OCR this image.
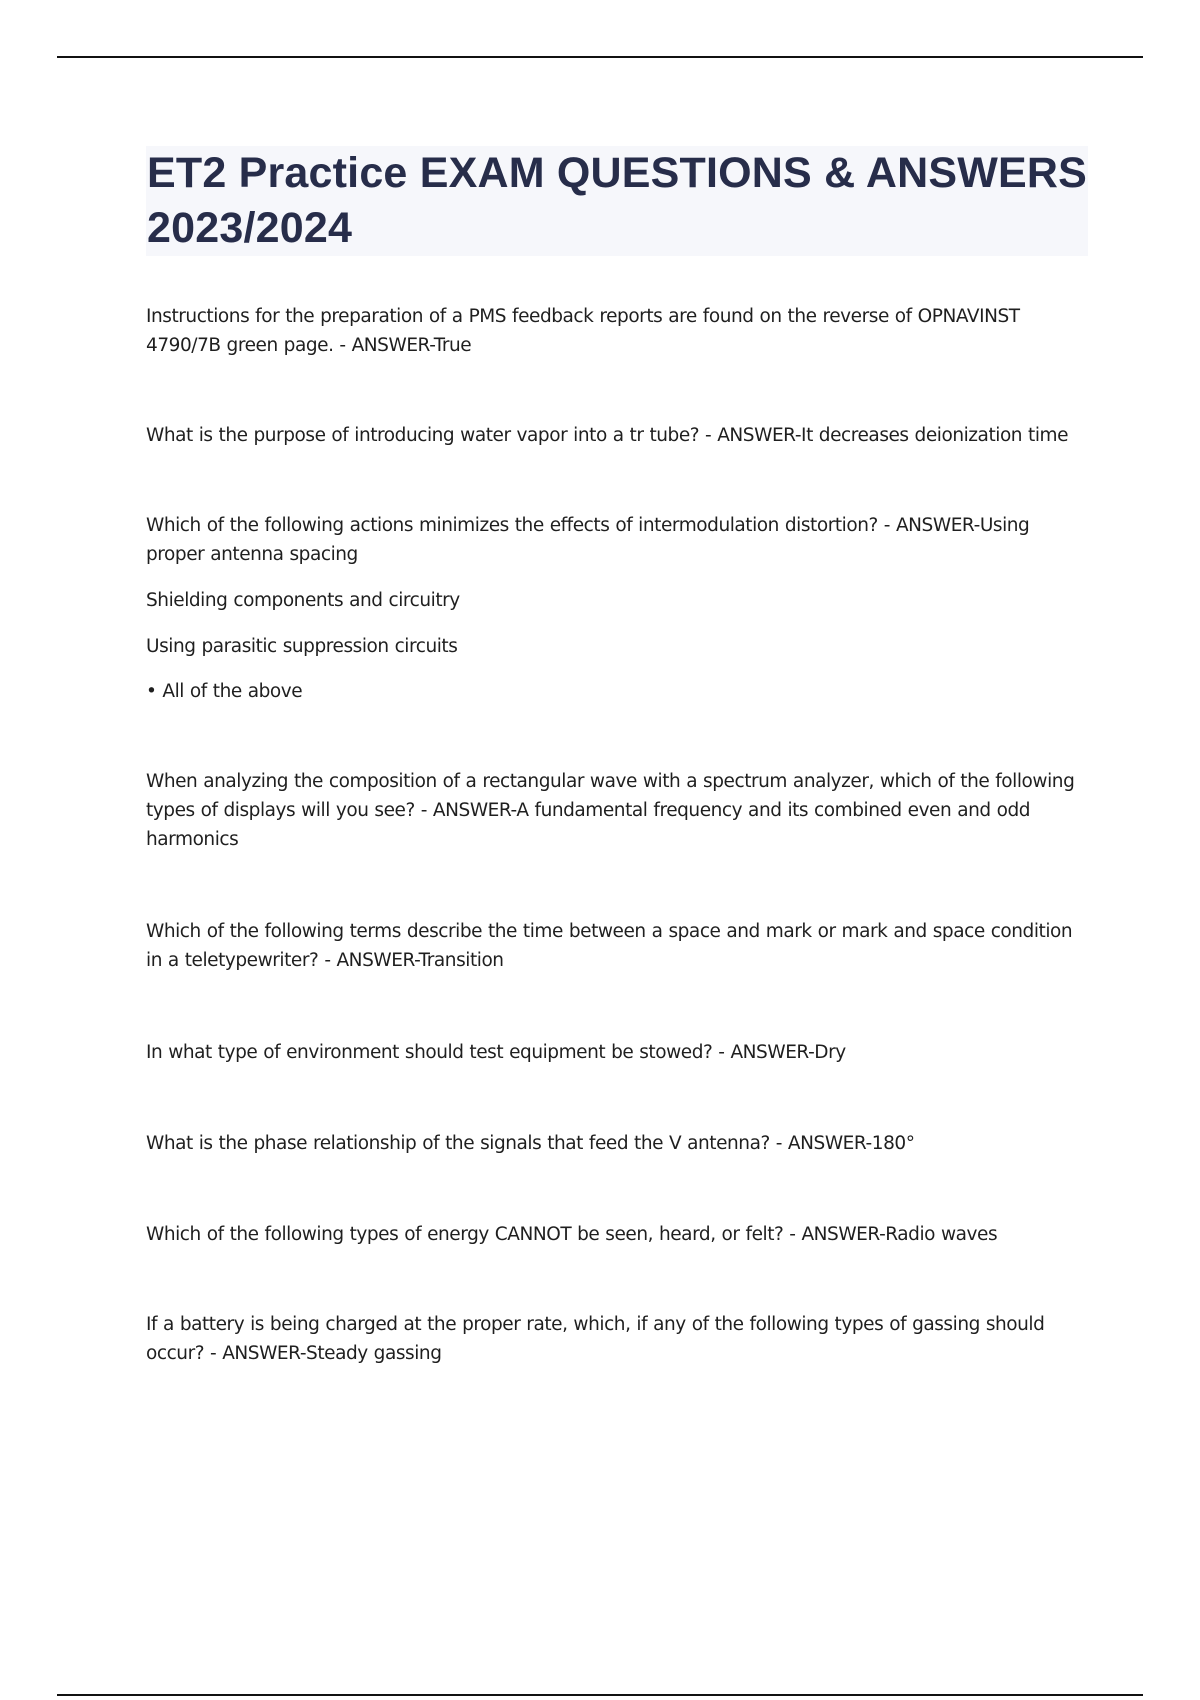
ET2 Practice EXAM QUESTIONS & ANSWERS 2023/2024

Instructions for the preparation of a PMS feedback reports are found on the reverse of OPNAVINST 4790/7B green page. - ANSWER-True

What is the purpose of introducing water vapor into a tr tube? - ANSWER-It decreases deionization time

Which of the following actions minimizes the effects of intermodulation distortion? - ANSWER-Using proper antenna spacing

Shielding components and circuitry

Using parasitic suppression circuits

• All of the above

When analyzing the composition of a rectangular wave with a spectrum analyzer, which of the following types of displays will you see? - ANSWER-A fundamental frequency and its combined even and odd harmonics

Which of the following terms describe the time between a space and mark or mark and space condition in a teletypewriter? - ANSWER-Transition

In what type of environment should test equipment be stowed? - ANSWER-Dry

What is the phase relationship of the signals that feed the V antenna? - ANSWER-180°

Which of the following types of energy CANNOT be seen, heard, or felt? - ANSWER-Radio waves

If a battery is being charged at the proper rate, which, if any of the following types of gassing should occur? - ANSWER-Steady gassing
